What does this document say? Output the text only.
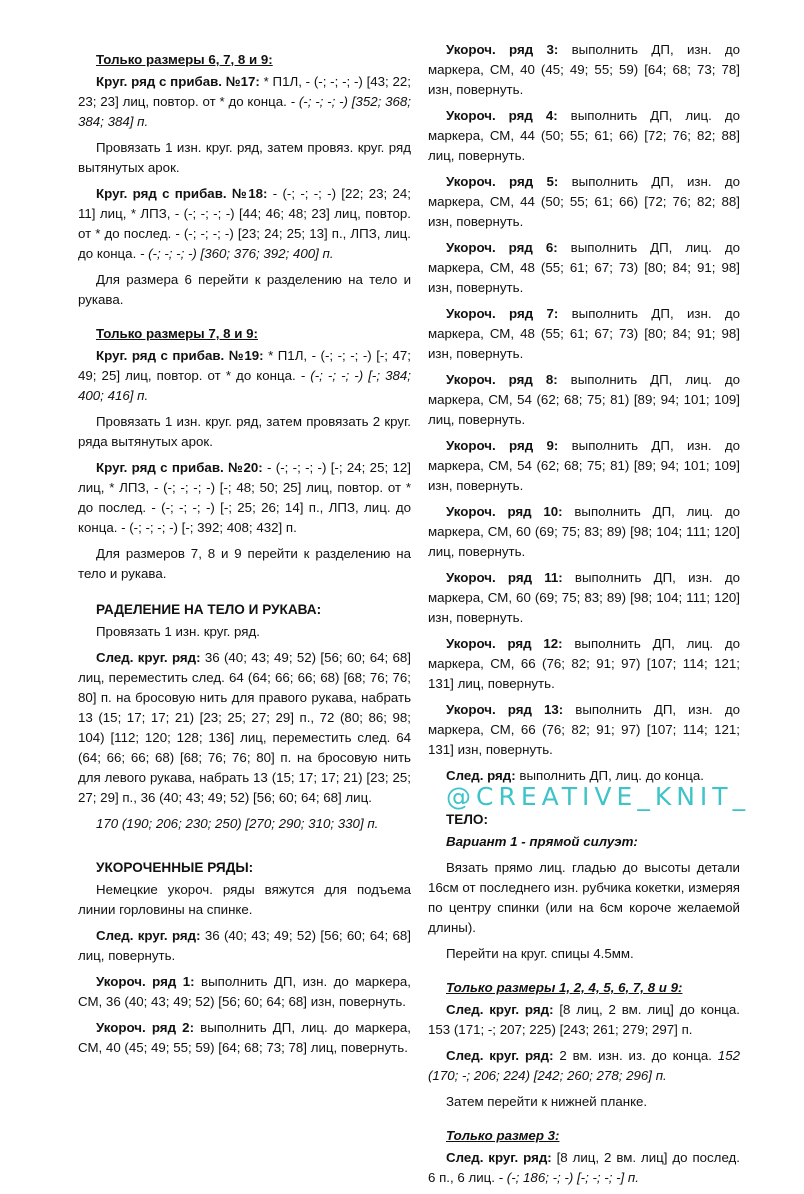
Только размеры 6, 7, 8 и 9:

Круг. ряд с прибав. №17: * П1Л, - (-; -; -; -) [43; 22; 23; 23] лиц, повтор. от * до конца. - (-; -; -; -) [352; 368; 384; 384] п.

Провязать 1 изн. круг. ряд, затем провяз. круг. ряд вытянутых арок.

Круг. ряд с прибав. №18: - (-; -; -; -) [22; 23; 24; 11] лиц, * ЛПЗ, - (-; -; -; -) [44; 46; 48; 23] лиц, повтор. от * до послед. - (-; -; -; -) [23; 24; 25; 13] п., ЛПЗ, лиц. до конца. - (-; -; -; -) [360; 376; 392; 400] п.

Для размера 6 перейти к разделению на тело и рукава.

Только размеры 7, 8 и 9:

Круг. ряд с прибав. №19: * П1Л, - (-; -; -; -) [-; 47; 49; 25] лиц, повтор. от * до конца. - (-; -; -; -) [-; 384; 400; 416] п.

Провязать 1 изн. круг. ряд, затем провязать 2 круг. ряда вытянутых арок.

Круг. ряд с прибав. №20: - (-; -; -; -) [-; 24; 25; 12] лиц, * ЛПЗ, - (-; -; -; -) [-; 48; 50; 25] лиц, повтор. от * до послед. - (-; -; -; -) [-; 25; 26; 14] п., ЛПЗ, лиц. до конца. - (-; -; -; -) [-; 392; 408; 432] п.

Для размеров 7, 8 и 9 перейти к разделению на тело и рукава.

РАДЕЛЕНИЕ НА ТЕЛО И РУКАВА:

Провязать 1 изн. круг. ряд.

След. круг. ряд: 36 (40; 43; 49; 52) [56; 60; 64; 68] лиц, переместить след. 64 (64; 66; 66; 68) [68; 76; 76; 80] п. на бросовую нить для правого рукава, набрать 13 (15; 17; 17; 21) [23; 25; 27; 29] п., 72 (80; 86; 98; 104) [112; 120; 128; 136] лиц, переместить след. 64 (64; 66; 66; 68) [68; 76; 76; 80] п. на бросовую нить для левого рукава, набрать 13 (15; 17; 17; 21) [23; 25; 27; 29] п., 36 (40; 43; 49; 52) [56; 60; 64; 68] лиц.

170 (190; 206; 230; 250) [270; 290; 310; 330] п.

УКОРОЧЕННЫЕ РЯДЫ:

Немецкие укороч. ряды вяжутся для подъема линии горловины на спинке.

След. круг. ряд: 36 (40; 43; 49; 52) [56; 60; 64; 68] лиц, повернуть.

Укороч. ряд 1: выполнить ДП, изн. до маркера, СМ, 36 (40; 43; 49; 52) [56; 60; 64; 68] изн, повернуть.

Укороч. ряд 2: выполнить ДП, лиц. до маркера, СМ, 40 (45; 49; 55; 59) [64; 68; 73; 78] лиц, повернуть.

Укороч. ряд 3: выполнить ДП, изн. до маркера, СМ, 40 (45; 49; 55; 59) [64; 68; 73; 78] изн, повернуть.

Укороч. ряд 4: выполнить ДП, лиц. до маркера, СМ, 44 (50; 55; 61; 66) [72; 76; 82; 88] лиц, повернуть.

Укороч. ряд 5: выполнить ДП, изн. до маркера, СМ, 44 (50; 55; 61; 66) [72; 76; 82; 88] изн, повернуть.

Укороч. ряд 6: выполнить ДП, лиц. до маркера, СМ, 48 (55; 61; 67; 73) [80; 84; 91; 98] изн, повернуть.

Укороч. ряд 7: выполнить ДП, изн. до маркера, СМ, 48 (55; 61; 67; 73) [80; 84; 91; 98] изн, повернуть.

Укороч. ряд 8: выполнить ДП, лиц. до маркера, СМ, 54 (62; 68; 75; 81) [89; 94; 101; 109] лиц, повернуть.

Укороч. ряд 9: выполнить ДП, изн. до маркера, СМ, 54 (62; 68; 75; 81) [89; 94; 101; 109] изн, повернуть.

Укороч. ряд 10: выполнить ДП, лиц. до маркера, СМ, 60 (69; 75; 83; 89) [98; 104; 111; 120] лиц, повернуть.

Укороч. ряд 11: выполнить ДП, изн. до маркера, СМ, 60 (69; 75; 83; 89) [98; 104; 111; 120] изн, повернуть.

Укороч. ряд 12: выполнить ДП, лиц. до маркера, СМ, 66 (76; 82; 91; 97) [107; 114; 121; 131] лиц, повернуть.

Укороч. ряд 13: выполнить ДП, изн. до маркера, СМ, 66 (76; 82; 91; 97) [107; 114; 121; 131] изн, повернуть.

След. ряд: выполнить ДП, лиц. до конца.

@CREATIVE_KNIT_

ТЕЛО:

Вариант 1 - прямой силуэт:

Вязать прямо лиц. гладью до высоты детали 16см от последнего изн. рубчика кокетки, измеряя по центру спинки (или на 6см короче желаемой длины).

Перейти на круг. спицы 4.5мм.

Только размеры 1, 2, 4, 5, 6, 7, 8 и 9:

След. круг. ряд: [8 лиц, 2 вм. лиц] до конца. 153 (171; -; 207; 225) [243; 261; 279; 297] п.

След. круг. ряд: 2 вм. изн. из. до конца. 152 (170; -; 206; 224) [242; 260; 278; 296] п.

Затем перейти к нижней планке.

Только размер 3:

След. круг. ряд: [8 лиц, 2 вм. лиц] до послед. 6 п., 6 лиц. - (-; 186; -; -) [-; -; -; -] п.
